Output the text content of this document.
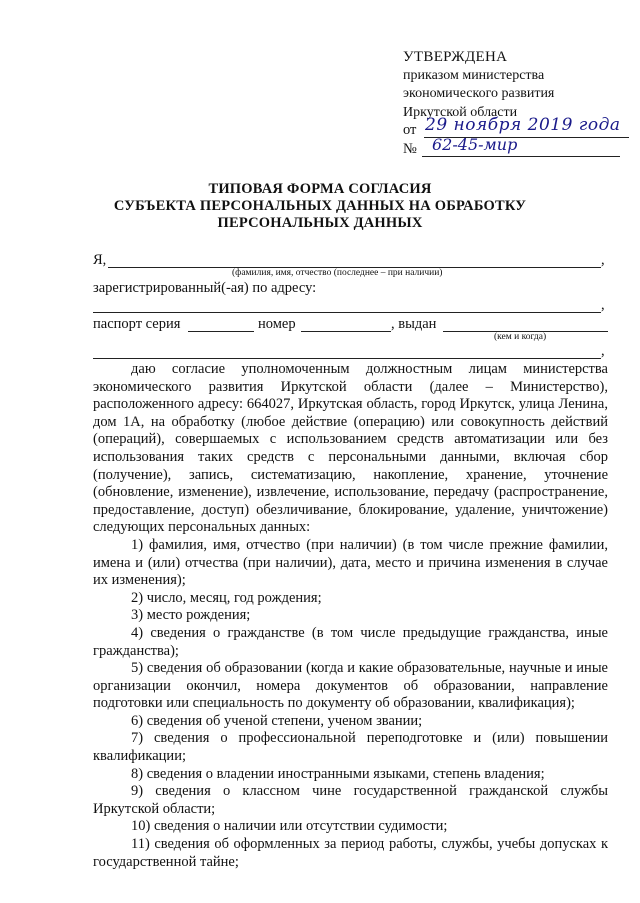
УТВЕРЖДЕНА
приказом министерства
экономического развития
Иркутской области
от 29 ноября 2019 года
№ 62-45-мир
ТИПОВАЯ ФОРМА СОГЛАСИЯ
СУБЪЕКТА ПЕРСОНАЛЬНЫХ ДАННЫХ НА ОБРАБОТКУ
ПЕРСОНАЛЬНЫХ ДАННЫХ
Я,	,
(фамилия, имя, отчество (последнее – при наличии)
зарегистрированный(-ая) по адресу:
,
паспорт серия	номер	, выдан
(кем и когда)
,

даю согласие уполномоченным должностным лицам министерства экономического развития Иркутской области (далее – Министерство), расположенного адресу: 664027, Иркутская область, город Иркутск, улица Ленина, дом 1А, на обработку (любое действие (операцию) или совокупность действий (операций), совершаемых с использованием средств автоматизации или без использования таких средств с персональными данными, включая сбор (получение), запись, систематизацию, накопление, хранение, уточнение (обновление, изменение), извлечение, использование, передачу (распространение, предоставление, доступ) обезличивание, блокирование, удаление, уничтожение) следующих персональных данных:

1) фамилия, имя, отчество (при наличии) (в том числе прежние фамилии, имена и (или) отчества (при наличии), дата, место и причина изменения в случае их изменения);

2) число, месяц, год рождения;

3) место рождения;

4) сведения о гражданстве (в том числе предыдущие гражданства, иные гражданства);

5) сведения об образовании (когда и какие образовательные, научные и иные организации окончил, номера документов об образовании, направление подготовки или специальность по документу об образовании, квалификация);

6) сведения об ученой степени, ученом звании;

7) сведения о профессиональной переподготовке и (или) повышении квалификации;

8) сведения о владении иностранными языками, степень владения;

9) сведения о классном чине государственной гражданской службы Иркутской области;

10) сведения о наличии или отсутствии судимости;

11) сведения об оформленных за период работы, службы, учебы допусках к государственной тайне;
